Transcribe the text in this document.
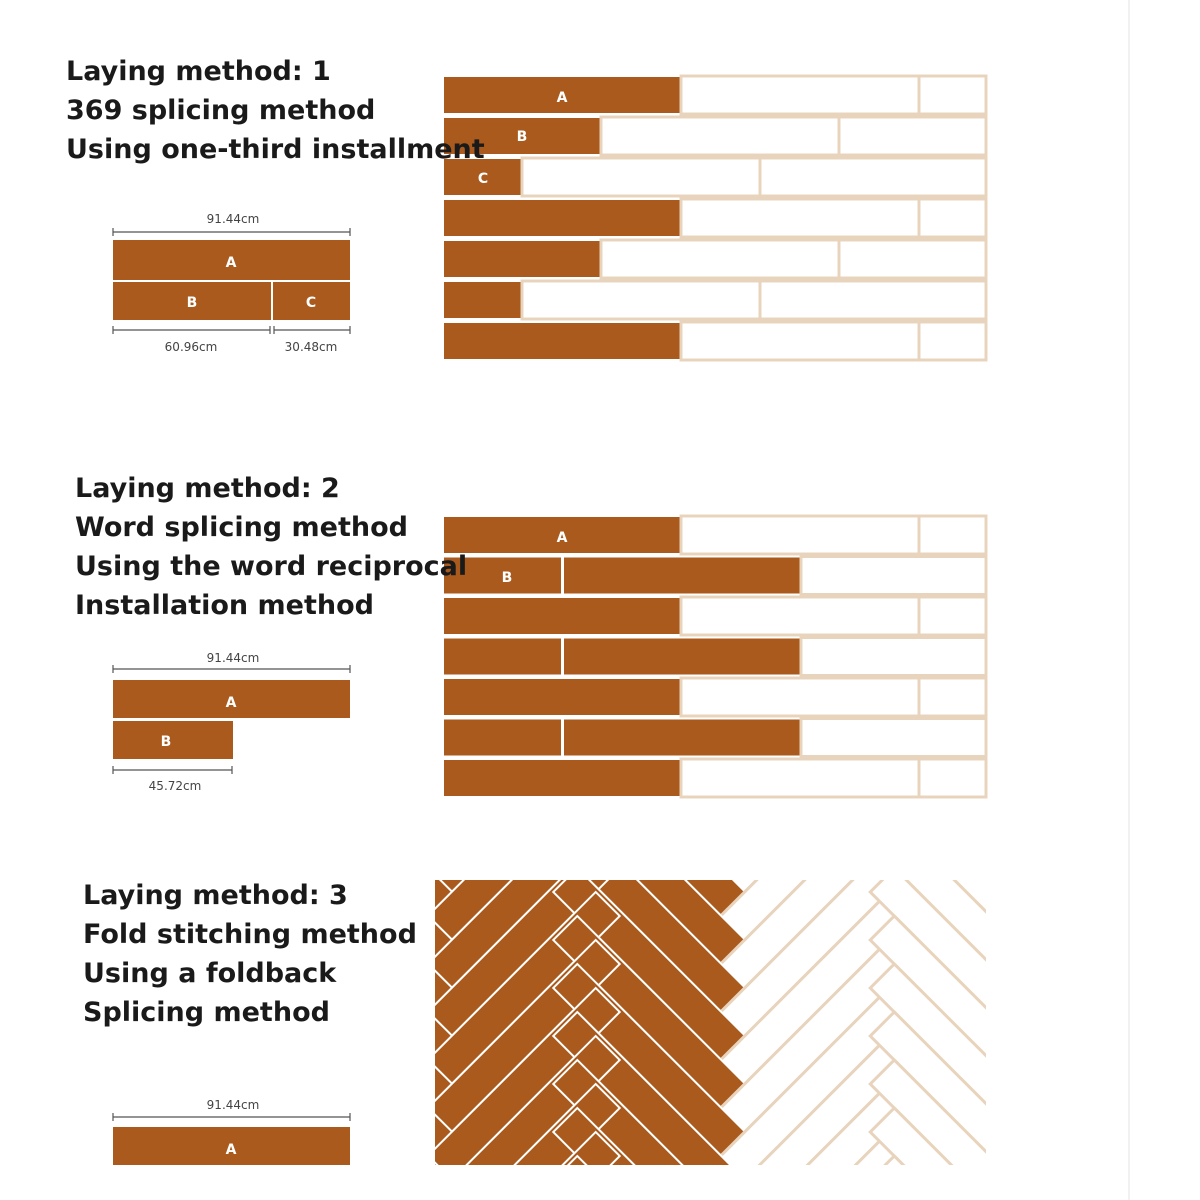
Laying method: 1
369 splicing method
Using one-third installment
Laying method: 2
Word splicing method
Using the word reciprocal
Installation method
Laying method: 3
Fold stitching method
Using a foldback
Splicing method
91.44cm
A
B	C
60.96cm	30.48cm
A
B
C
91.44cm
A
B
45.72cm
A
B
91.44cm
A
